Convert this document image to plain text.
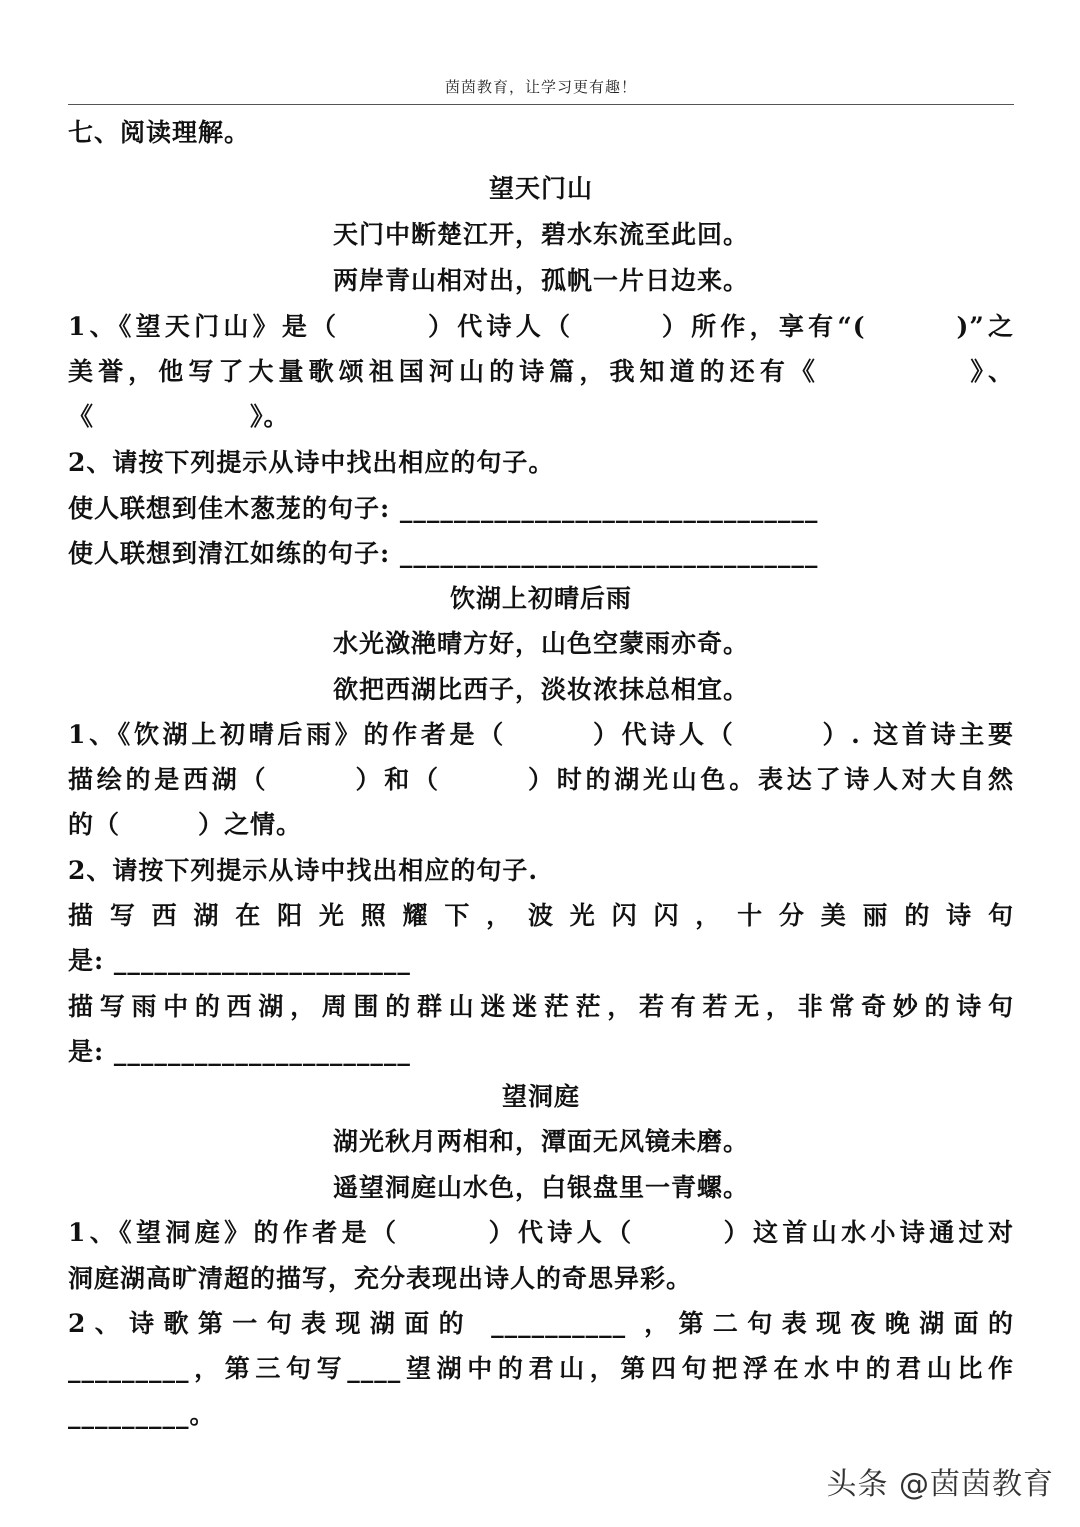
茵茵教育，让学习更有趣！
七、阅读理解。
望天门山
天门中断楚江开，碧水东流至此回。
两岸青山相对出，孤帆一片日边来。
1、《望天门山》是（　　　）代诗人（　　　）所作，享有“(　　　)”之
美誉，他写了大量歌颂祖国河山的诗篇，我知道的还有《　　　　　》、
《　　　　　　》。
2、请按下列提示从诗中找出相应的句子。
使人联想到佳木葱茏的句子: _______________________________
使人联想到清江如练的句子: _______________________________
饮湖上初晴后雨
水光潋滟晴方好，山色空蒙雨亦奇。
欲把西湖比西子，淡妆浓抹总相宜。
1、《饮湖上初晴后雨》的作者是（　　　）代诗人（　　　）. 这首诗主要
描绘的是西湖（　　　）和（　　　）时的湖光山色。表达了诗人对大自然
的（　　　）之情。
2、请按下列提示从诗中找出相应的句子.
描写西湖在阳光照耀下，波光闪闪，十分美丽的诗句
是: ______________________
描写雨中的西湖，周围的群山迷迷茫茫，若有若无，非常奇妙的诗句
是: ______________________
望洞庭
湖光秋月两相和，潭面无风镜未磨。
遥望洞庭山水色，白银盘里一青螺。
1、《望洞庭》的作者是（　　　）代诗人（　　　）这首山水小诗通过对
洞庭湖高旷清超的描写，充分表现出诗人的奇思异彩。
2、诗歌第一句表现湖面的 __________ ，第二句表现夜晚湖面的
_________，第三句写____望湖中的君山，第四句把浮在水中的君山比作
_________。
头条 @茵茵教育
